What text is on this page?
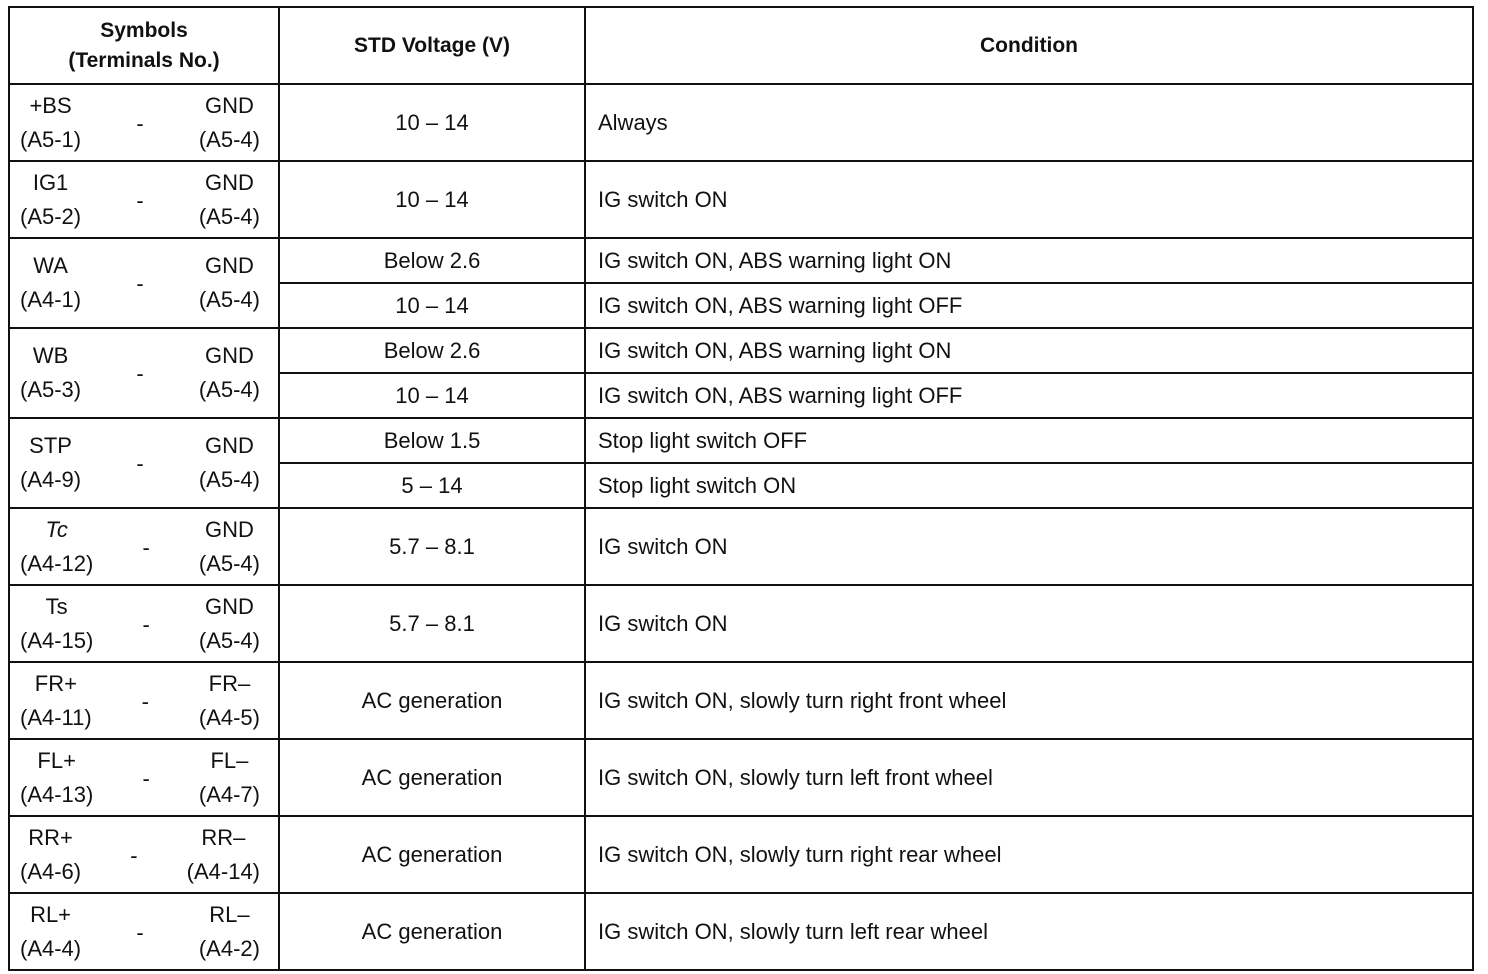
Symbols
(Terminals No.)	STD Voltage (V)	Condition

+BS
(A5-1)
-
GND
(A5-4)	10 – 14	Always

IG1
(A5-2)
-
GND
(A5-4)	10 – 14	IG switch ON

WA
(A4-1)
-
GND
(A5-4)	Below 2.6	IG switch ON, ABS warning light ON
	10 – 14	IG switch ON, ABS warning light OFF

WB
(A5-3)
-
GND
(A5-4)	Below 2.6	IG switch ON, ABS warning light ON
	10 – 14	IG switch ON, ABS warning light OFF

STP
(A4-9)
-
GND
(A5-4)	Below 1.5	Stop light switch OFF
	5 – 14	Stop light switch ON

Tc
(A4-12)
-
GND
(A5-4)	5.7 – 8.1	IG switch ON

Ts
(A4-15)
-
GND
(A5-4)	5.7 – 8.1	IG switch ON

FR+
(A4-11)
-
FR–
(A4-5)	AC generation	IG switch ON, slowly turn right front wheel

FL+
(A4-13)
-
FL–
(A4-7)	AC generation	IG switch ON, slowly turn left front wheel

RR+
(A4-6)
-
RR–
(A4-14)	AC generation	IG switch ON, slowly turn right rear wheel

RL+
(A4-4)
-
RL–
(A4-2)	AC generation	IG switch ON, slowly turn left rear wheel
